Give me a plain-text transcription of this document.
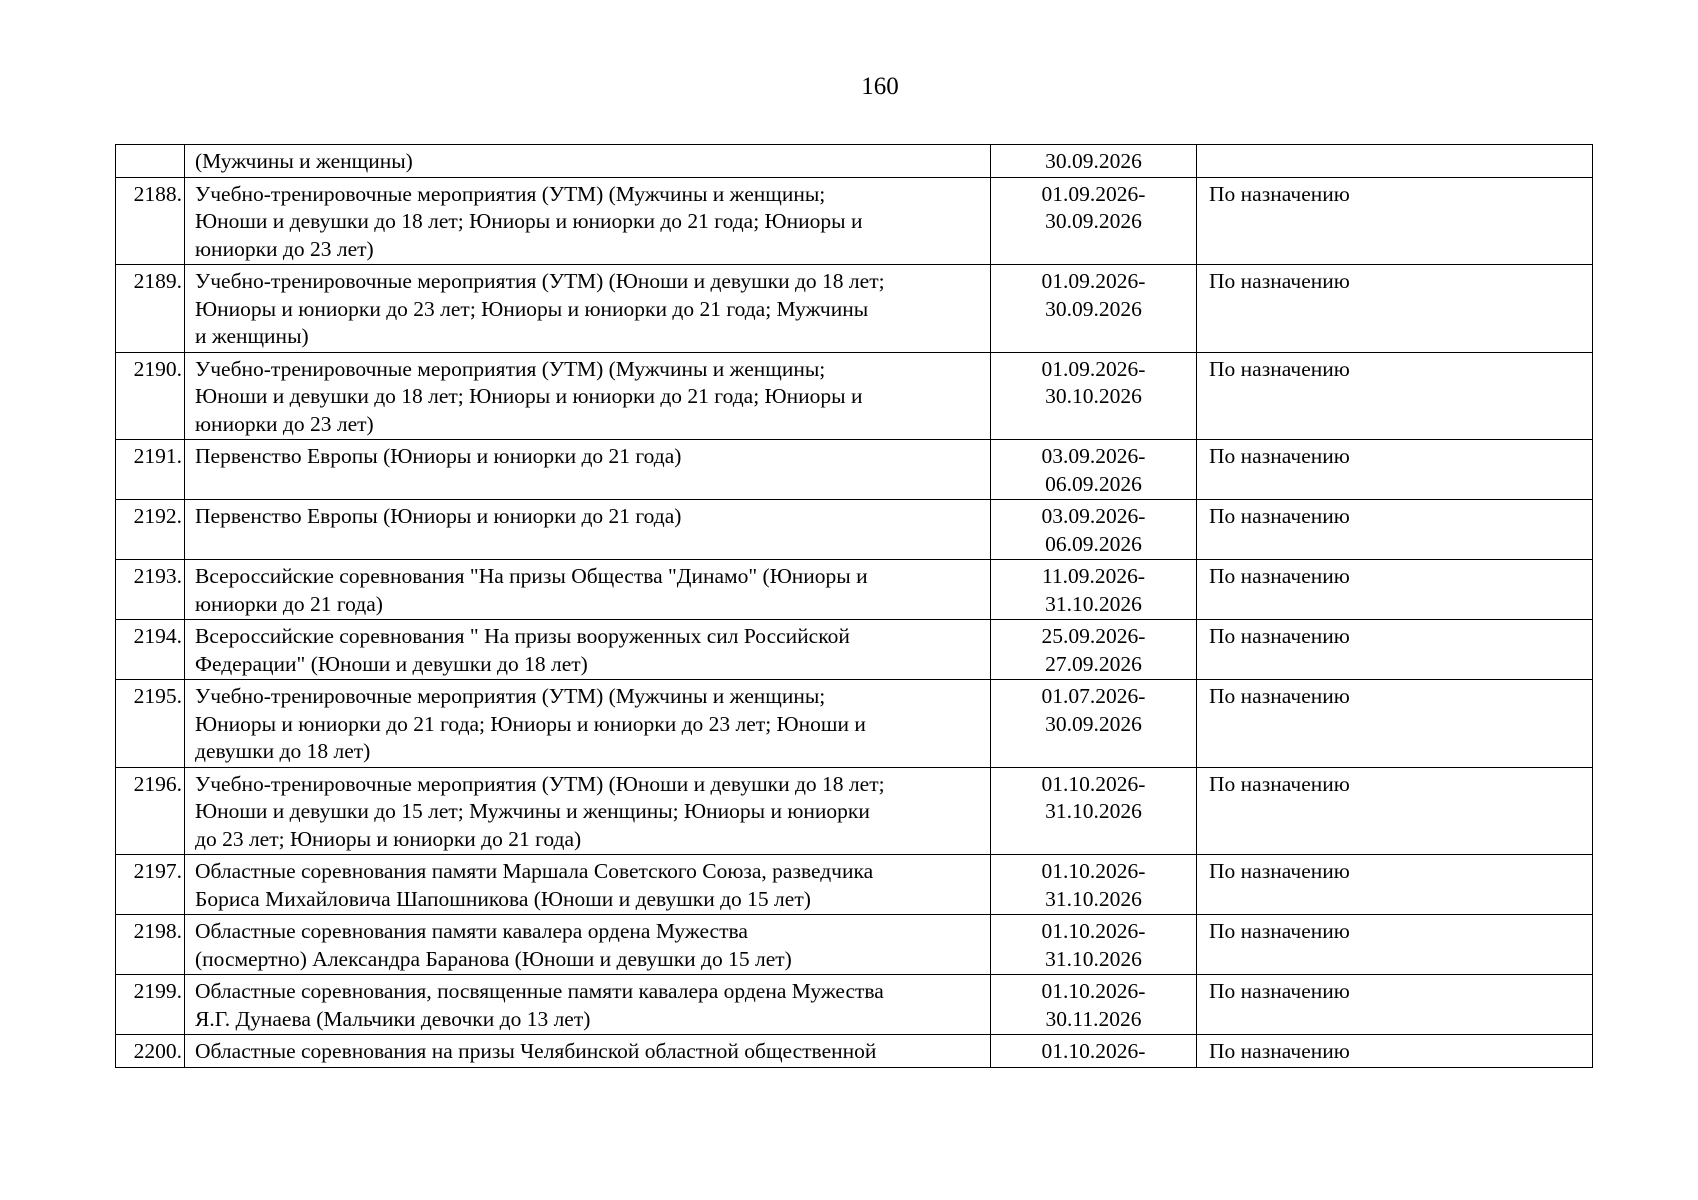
160

	(Мужчины и женщины)	30.09.2026	

2188.	Учебно-тренировочные мероприятия (УТМ) (Мужчины и женщины;
Юноши и девушки до 18 лет; Юниоры и юниорки до 21 года; Юниоры и
юниорки до 23 лет)	01.09.2026-
30.09.2026	По назначению
2189.	Учебно-тренировочные мероприятия (УТМ) (Юноши и девушки до 18 лет;
Юниоры и юниорки до 23 лет; Юниоры и юниорки до 21 года; Мужчины
и женщины)	01.09.2026-
30.09.2026	По назначению
2190.	Учебно-тренировочные мероприятия (УТМ) (Мужчины и женщины;
Юноши и девушки до 18 лет; Юниоры и юниорки до 21 года; Юниоры и
юниорки до 23 лет)	01.09.2026-
30.10.2026	По назначению
2191.	Первенство Европы (Юниоры и юниорки до 21 года)	03.09.2026-
06.09.2026	По назначению
2192.	Первенство Европы (Юниоры и юниорки до 21 года)	03.09.2026-
06.09.2026	По назначению
2193.	Всероссийские соревнования "На призы Общества "Динамо" (Юниоры и
юниорки до 21 года)	11.09.2026-
31.10.2026	По назначению
2194.	Всероссийские соревнования " На призы вооруженных сил Российской
Федерации" (Юноши и девушки до 18 лет)	25.09.2026-
27.09.2026	По назначению
2195.	Учебно-тренировочные мероприятия (УТМ) (Мужчины и женщины;
Юниоры и юниорки до 21 года; Юниоры и юниорки до 23 лет; Юноши и
девушки до 18 лет)	01.07.2026-
30.09.2026	По назначению
2196.	Учебно-тренировочные мероприятия (УТМ) (Юноши и девушки до 18 лет;
Юноши и девушки до 15 лет; Мужчины и женщины; Юниоры и юниорки
до 23 лет; Юниоры и юниорки до 21 года)	01.10.2026-
31.10.2026	По назначению
2197.	Областные соревнования памяти Маршала Советского Союза, разведчика
Бориса Михайловича Шапошникова (Юноши и девушки до 15 лет)	01.10.2026-
31.10.2026	По назначению
2198.	Областные соревнования памяти кавалера ордена Мужества
(посмертно) Александра Баранова (Юноши и девушки до 15 лет)	01.10.2026-
31.10.2026	По назначению
2199.	Областные соревнования, посвященные памяти кавалера ордена Мужества
Я.Г. Дунаева (Мальчики девочки до 13 лет)	01.10.2026-
30.11.2026	По назначению
2200.	Областные соревнования на призы Челябинской областной общественной	01.10.2026-	По назначению
